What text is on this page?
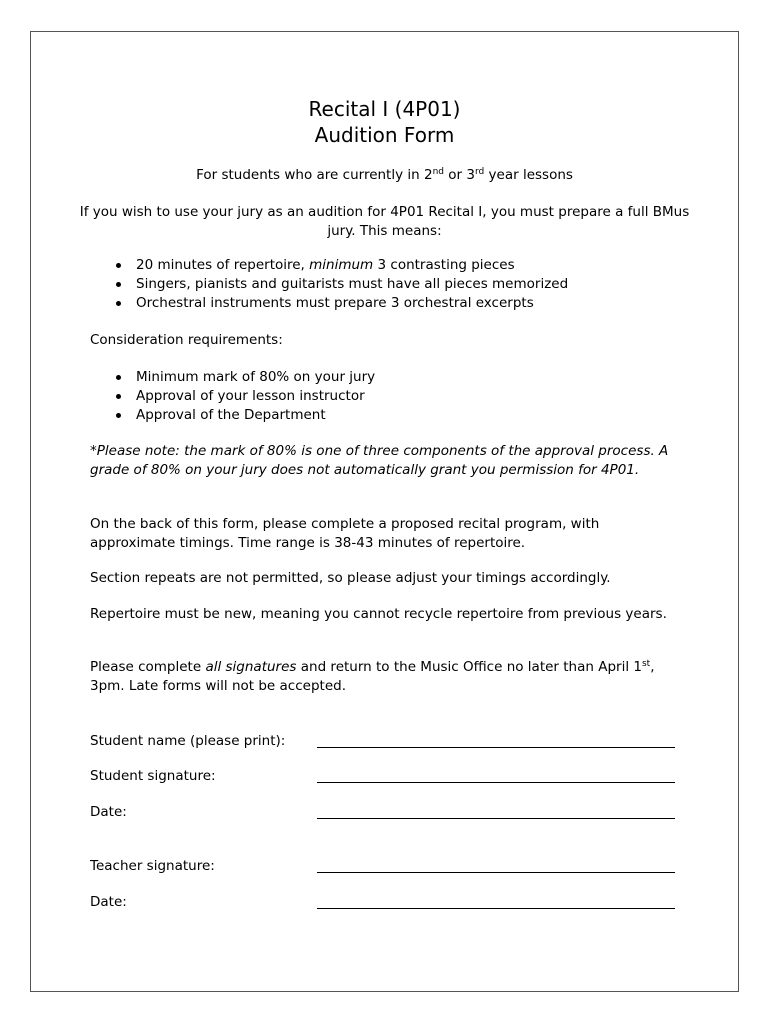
Recital I (4P01)
Audition Form
For students who are currently in 2nd or 3rd year lessons
If you wish to use your jury as an audition for 4P01 Recital I, you must prepare a full BMus jury. This means:
20 minutes of repertoire, minimum 3 contrasting pieces
Singers, pianists and guitarists must have all pieces memorized
Orchestral instruments must prepare 3 orchestral excerpts
Consideration requirements:
Minimum mark of 80% on your jury
Approval of your lesson instructor
Approval of the Department
*Please note: the mark of 80% is one of three components of the approval process. A grade of 80% on your jury does not automatically grant you permission for 4P01.
On the back of this form, please complete a proposed recital program, with approximate timings. Time range is 38-43 minutes of repertoire.
Section repeats are not permitted, so please adjust your timings accordingly.
Repertoire must be new, meaning you cannot recycle repertoire from previous years.
Please complete all signatures and return to the Music Office no later than April 1st, 3pm. Late forms will not be accepted.
Student name (please print):
Student signature:
Date:
Teacher signature:
Date:
